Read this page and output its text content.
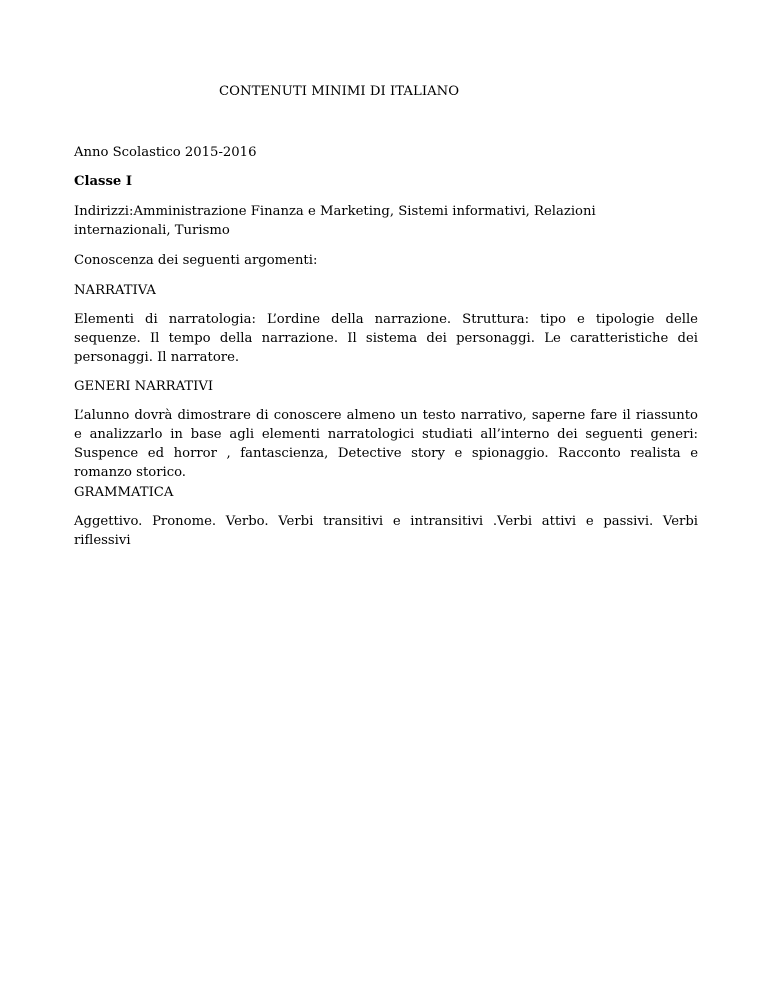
CONTENUTI MINIMI DI ITALIANO

Anno Scolastico 2015-2016

Classe I

Indirizzi:Amministrazione Finanza e Marketing, Sistemi informativi, Relazioni internazionali, Turismo

Conoscenza dei seguenti argomenti:

NARRATIVA

Elementi di narratologia: L’ordine della narrazione. Struttura: tipo e tipologie delle sequenze. Il tempo della narrazione. Il sistema dei personaggi. Le caratteristiche dei personaggi. Il narratore.

GENERI NARRATIVI

L’alunno dovrà dimostrare di conoscere almeno un testo narrativo, saperne fare il riassunto e analizzarlo in base agli elementi narratologici studiati all’interno dei seguenti generi: Suspence ed horror , fantascienza, Detective story e spionaggio. Racconto realista e romanzo storico.

GRAMMATICA

Aggettivo. Pronome. Verbo. Verbi transitivi e intransitivi .Verbi attivi e passivi. Verbi riflessivi
